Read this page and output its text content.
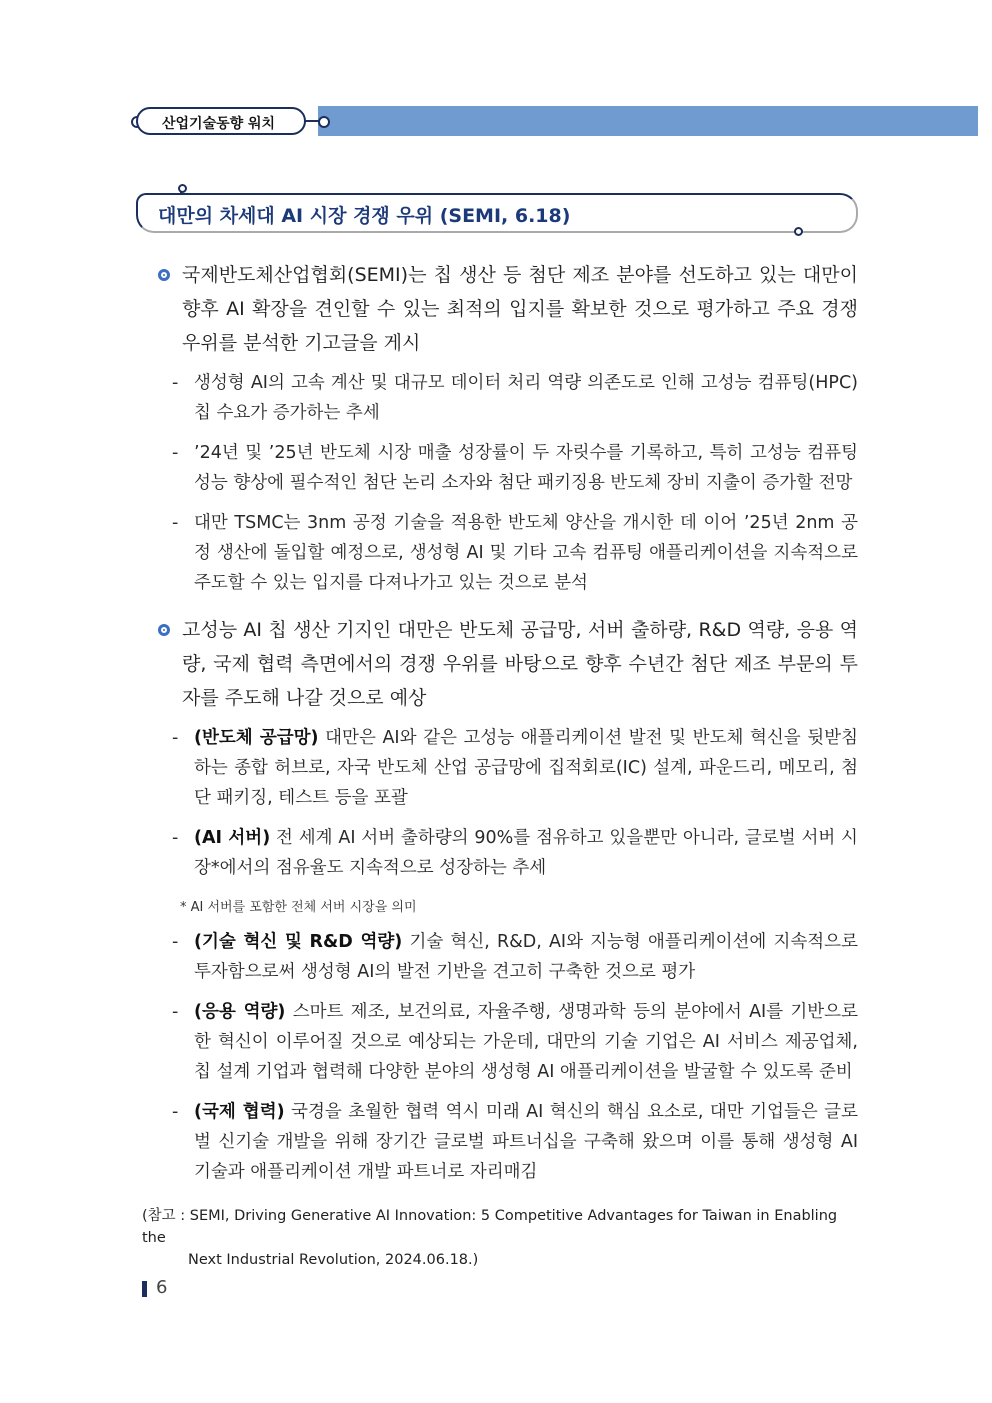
산업기술동향 워치
대만의 차세대 AI 시장 경쟁 우위 (SEMI, 6.18)
국제반도체산업협회(SEMI)는 칩 생산 등 첨단 제조 분야를 선도하고 있는 대만이 향후 AI 확장을 견인할 수 있는 최적의 입지를 확보한 것으로 평가하고 주요 경쟁 우위를 분석한 기고글을 게시
- 생성형 AI의 고속 계산 및 대규모 데이터 처리 역량 의존도로 인해 고성능 컴퓨팅(HPC) 칩 수요가 증가하는 추세
- ’24년 및 ’25년 반도체 시장 매출 성장률이 두 자릿수를 기록하고, 특히 고성능 컴퓨팅 성능 향상에 필수적인 첨단 논리 소자와 첨단 패키징용 반도체 장비 지출이 증가할 전망
- 대만 TSMC는 3nm 공정 기술을 적용한 반도체 양산을 개시한 데 이어 ’25년 2nm 공정 생산에 돌입할 예정으로, 생성형 AI 및 기타 고속 컴퓨팅 애플리케이션을 지속적으로 주도할 수 있는 입지를 다져나가고 있는 것으로 분석
고성능 AI 칩 생산 기지인 대만은 반도체 공급망, 서버 출하량, R&D 역량, 응용 역량, 국제 협력 측면에서의 경쟁 우위를 바탕으로 향후 수년간 첨단 제조 부문의 투자를 주도해 나갈 것으로 예상
- (반도체 공급망) 대만은 AI와 같은 고성능 애플리케이션 발전 및 반도체 혁신을 뒷받침하는 종합 허브로, 자국 반도체 산업 공급망에 집적회로(IC) 설계, 파운드리, 메모리, 첨단 패키징, 테스트 등을 포괄
- (AI 서버) 전 세계 AI 서버 출하량의 90%를 점유하고 있을뿐만 아니라, 글로벌 서버 시장*에서의 점유율도 지속적으로 성장하는 추세
* AI 서버를 포함한 전체 서버 시장을 의미
- (기술 혁신 및 R&D 역량) 기술 혁신, R&D, AI와 지능형 애플리케이션에 지속적으로 투자함으로써 생성형 AI의 발전 기반을 견고히 구축한 것으로 평가
- (응용 역량) 스마트 제조, 보건의료, 자율주행, 생명과학 등의 분야에서 AI를 기반으로 한 혁신이 이루어질 것으로 예상되는 가운데, 대만의 기술 기업은 AI 서비스 제공업체, 칩 설계 기업과 협력해 다양한 분야의 생성형 AI 애플리케이션을 발굴할 수 있도록 준비
- (국제 협력) 국경을 초월한 협력 역시 미래 AI 혁신의 핵심 요소로, 대만 기업들은 글로벌 신기술 개발을 위해 장기간 글로벌 파트너십을 구축해 왔으며 이를 통해 생성형 AI 기술과 애플리케이션 개발 파트너로 자리매김
(참고 : SEMI, Driving Generative AI Innovation: 5 Competitive Advantages for Taiwan in Enabling the
Next Industrial Revolution, 2024.06.18.)
6
